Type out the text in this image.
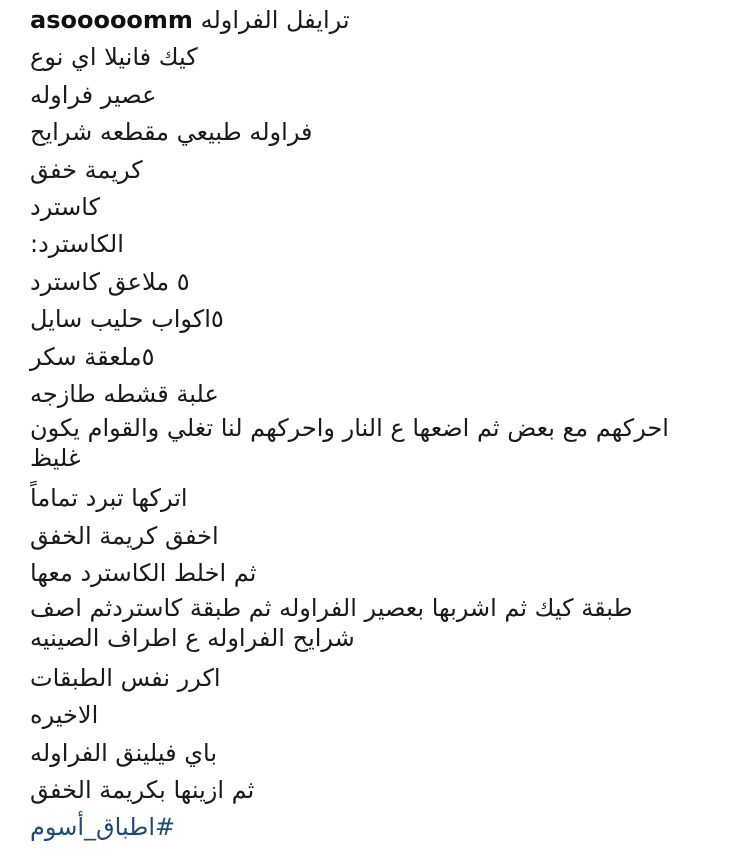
ترايفل الفراوله asooooomm
كيك فانيلا اي نوع
عصير فراوله
فراوله طبيعي مقطعه شرايح
كريمة خفق
كاسترد
الكاسترد:
٥ ملاعق كاسترد
٥اكواب حليب سايل
٥ملعقة سكر
علبة قشطه طازجه
احركهم مع بعض ثم اضعها ع النار واحركهم لنا تغلي والقوام يكون غليظ
اتركها تبرد تماماً
اخفق كريمة الخفق
ثم اخلط الكاسترد معها
طبقة كيك ثم اشربها بعصير الفراوله ثم طبقة كاستردثم اصف شرايح الفراوله ع اطراف الصينيه
اكرر نفس الطبقات
الاخيره
باي فيلينق الفراوله
ثم ازينها بكريمة الخفق
#اطباق_أسوم
